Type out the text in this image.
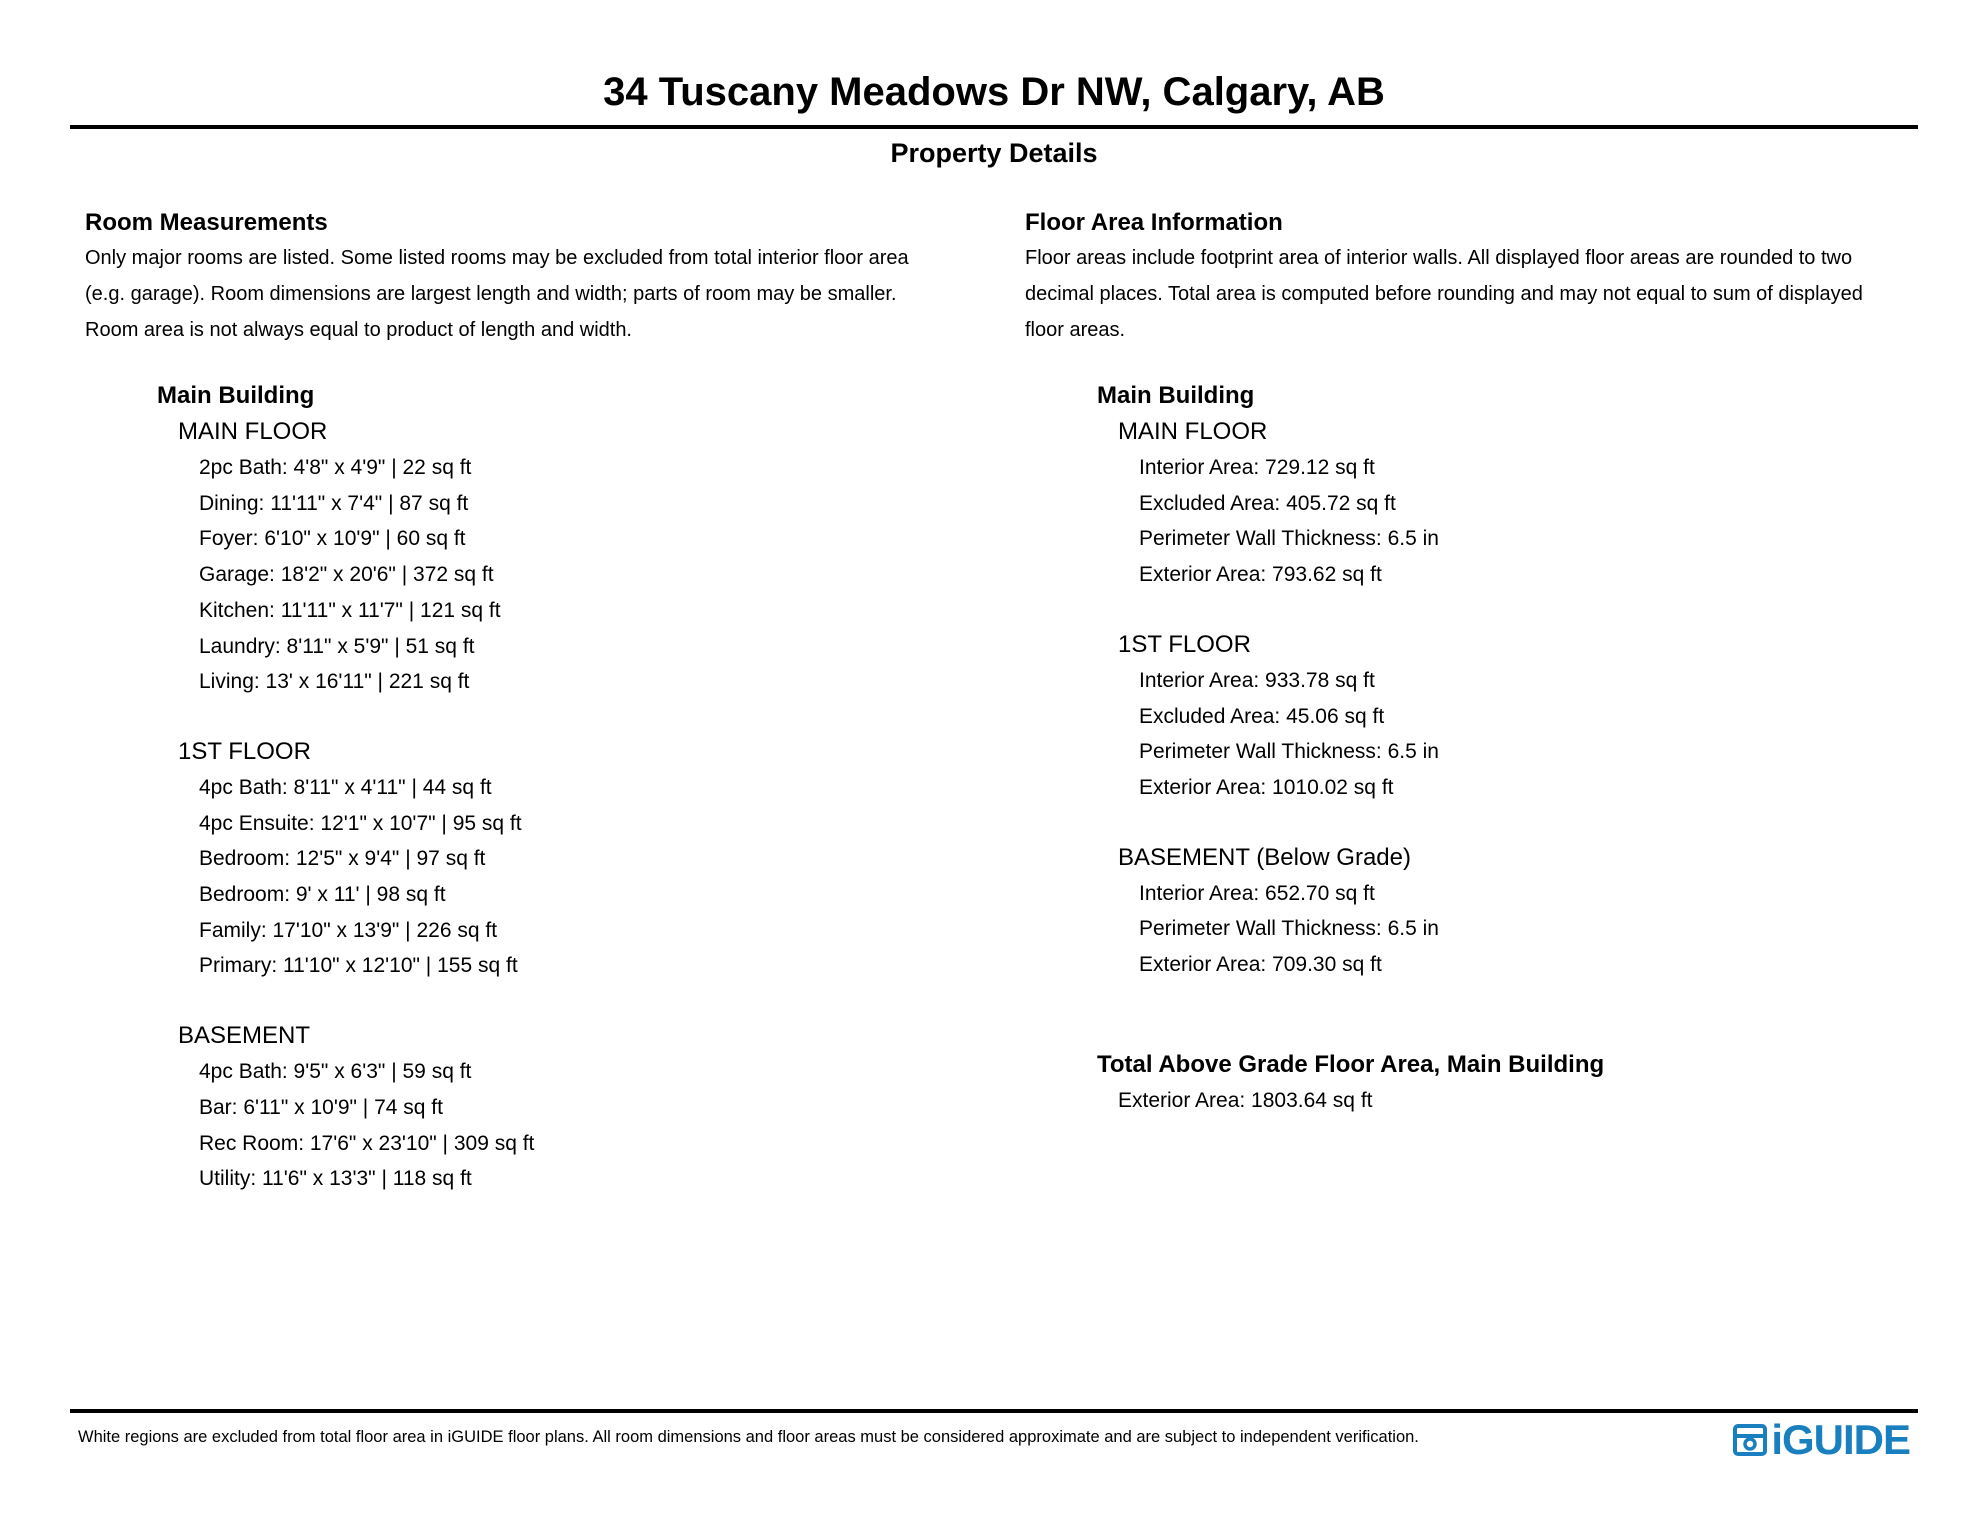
34 Tuscany Meadows Dr NW, Calgary, AB
Property Details
Room Measurements
Only major rooms are listed. Some listed rooms may be excluded from total interior floor area
(e.g. garage). Room dimensions are largest length and width; parts of room may be smaller.
Room area is not always equal to product of length and width.
Main Building
MAIN FLOOR
2pc Bath: 4'8" x 4'9" | 22 sq ft
Dining: 11'11" x 7'4" | 87 sq ft
Foyer: 6'10" x 10'9" | 60 sq ft
Garage: 18'2" x 20'6" | 372 sq ft
Kitchen: 11'11" x 11'7" | 121 sq ft
Laundry: 8'11" x 5'9" | 51 sq ft
Living: 13' x 16'11" | 221 sq ft
1ST FLOOR
4pc Bath: 8'11" x 4'11" | 44 sq ft
4pc Ensuite: 12'1" x 10'7" | 95 sq ft
Bedroom: 12'5" x 9'4" | 97 sq ft
Bedroom: 9' x 11' | 98 sq ft
Family: 17'10" x 13'9" | 226 sq ft
Primary: 11'10" x 12'10" | 155 sq ft
BASEMENT
4pc Bath: 9'5" x 6'3" | 59 sq ft
Bar: 6'11" x 10'9" | 74 sq ft
Rec Room: 17'6" x 23'10" | 309 sq ft
Utility: 11'6" x 13'3" | 118 sq ft
Floor Area Information
Floor areas include footprint area of interior walls. All displayed floor areas are rounded to two
decimal places. Total area is computed before rounding and may not equal to sum of displayed
floor areas.
Main Building
MAIN FLOOR
Interior Area: 729.12 sq ft
Excluded Area: 405.72 sq ft
Perimeter Wall Thickness: 6.5 in
Exterior Area: 793.62 sq ft
1ST FLOOR
Interior Area: 933.78 sq ft
Excluded Area: 45.06 sq ft
Perimeter Wall Thickness: 6.5 in
Exterior Area: 1010.02 sq ft
BASEMENT (Below Grade)
Interior Area: 652.70 sq ft
Perimeter Wall Thickness: 6.5 in
Exterior Area: 709.30 sq ft
Total Above Grade Floor Area, Main Building
Exterior Area: 1803.64 sq ft
White regions are excluded from total floor area in iGUIDE floor plans. All room dimensions and floor areas must be considered approximate and are subject to independent verification.	iGUIDE
